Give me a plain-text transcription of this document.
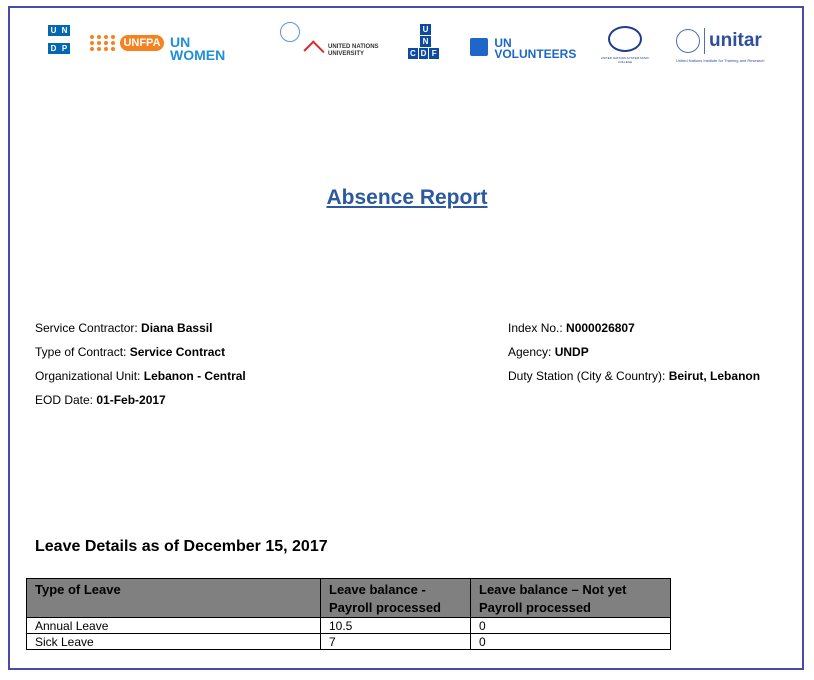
U N D P	UNFPA UN
WOMEN	UNITED NATIONS UNIVERSITY
U
N
C D F
UN
VOLUNTEERS	UNITED NATIONS SYSTEM STAFF COLLEGE
unitar
United Nations Institute for Training and Research
Absence Report
Service Contractor: Diana Bassil
Type of Contract: Service Contract
Organizational Unit: Lebanon - Central
EOD Date: 01-Feb-2017
Index No.: N000026807
Agency: UNDP
Duty Station (City & Country): Beirut, Lebanon
Leave Details as of December 15, 2017
Type of Leave	Leave balance - Payroll processed	Leave balance – Not yet Payroll processed
Annual Leave	10.5	0
Sick Leave	7	0
